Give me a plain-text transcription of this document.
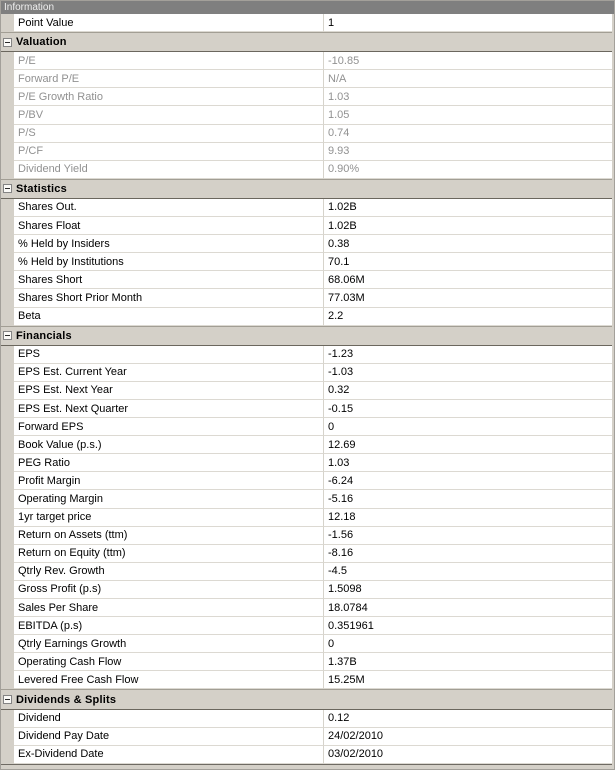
Information
Point Value	1
Valuation
P/E	-10.85
Forward P/E	N/A
P/E Growth Ratio	1.03
P/BV	1.05
P/S	0.74
P/CF	9.93
Dividend Yield	0.90%
Statistics
Shares Out.	1.02B
Shares Float	1.02B
% Held by Insiders	0.38
% Held by Institutions	70.1
Shares Short	68.06M
Shares Short Prior Month	77.03M
Beta	2.2
Financials
EPS	-1.23
EPS Est. Current Year	-1.03
EPS Est. Next Year	0.32
EPS Est. Next Quarter	-0.15
Forward EPS	0
Book Value (p.s.)	12.69
PEG Ratio	1.03
Profit Margin	-6.24
Operating Margin	-5.16
1yr target price	12.18
Return on Assets (ttm)	-1.56
Return on Equity (ttm)	-8.16
Qtrly Rev. Growth	-4.5
Gross Profit (p.s)	1.5098
Sales Per Share	18.0784
EBITDA (p.s)	0.351961
Qtrly Earnings Growth	0
Operating Cash Flow	1.37B
Levered Free Cash Flow	15.25M
Dividends & Splits
Dividend	0.12
Dividend Pay Date	24/02/2010
Ex-Dividend Date	03/02/2010
